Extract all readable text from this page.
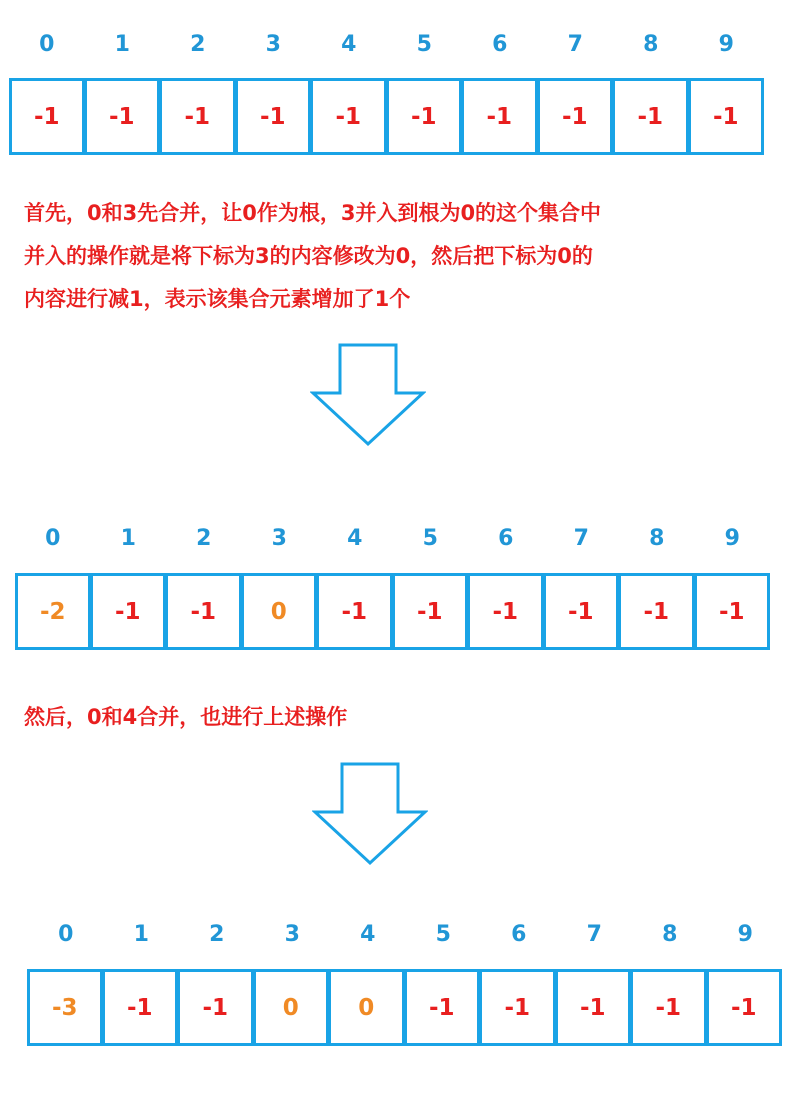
0	1	2	3	4	5	6	7	8	9
-1	-1	-1	-1	-1	-1	-1	-1	-1	-1

首先，0和3先合并，让0作为根，3并入到根为0的这个集合中

并入的操作就是将下标为3的内容修改为0，然后把下标为0的

内容进行减1，表示该集合元素增加了1个

0	1	2	3	4	5	6	7	8	9
-2	-1	-1	0	-1	-1	-1	-1	-1	-1

然后，0和4合并，也进行上述操作

0	1	2	3	4	5	6	7	8	9
-3	-1	-1	0	0	-1	-1	-1	-1	-1
